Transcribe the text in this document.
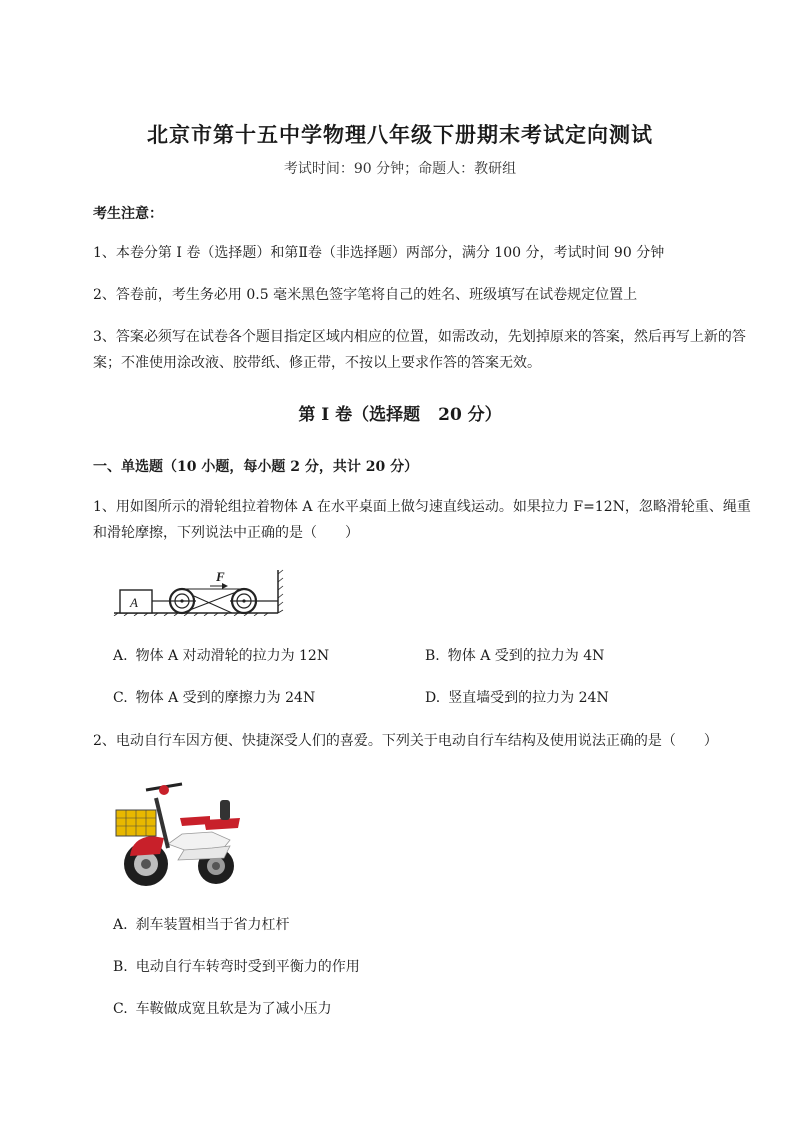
北京市第十五中学物理八年级下册期末考试定向测试
考试时间：90 分钟；命题人：教研组
考生注意：
1、本卷分第 I 卷（选择题）和第Ⅱ卷（非选择题）两部分，满分 100 分，考试时间 90 分钟
2、答卷前，考生务必用 0.5 毫米黑色签字笔将自己的姓名、班级填写在试卷规定位置上
3、答案必须写在试卷各个题目指定区域内相应的位置，如需改动，先划掉原来的答案，然后再写上新的答案；不准使用涂改液、胶带纸、修正带，不按以上要求作答的答案无效。
第 I 卷（选择题 20 分）
一、单选题（10 小题，每小题 2 分，共计 20 分）
1、用如图所示的滑轮组拉着物体 A 在水平桌面上做匀速直线运动。如果拉力 F=12N，忽略滑轮重、绳重和滑轮摩擦，下列说法中正确的是（　　）
A
F
A. 物体 A 对动滑轮的拉力为 12N	B. 物体 A 受到的拉力为 4N
C. 物体 A 受到的摩擦力为 24N	D. 竖直墙受到的拉力为 24N
2、电动自行车因方便、快捷深受人们的喜爱。下列关于电动自行车结构及使用说法正确的是（　　）
A. 刹车装置相当于省力杠杆
B. 电动自行车转弯时受到平衡力的作用
C. 车鞍做成宽且软是为了减小压力
